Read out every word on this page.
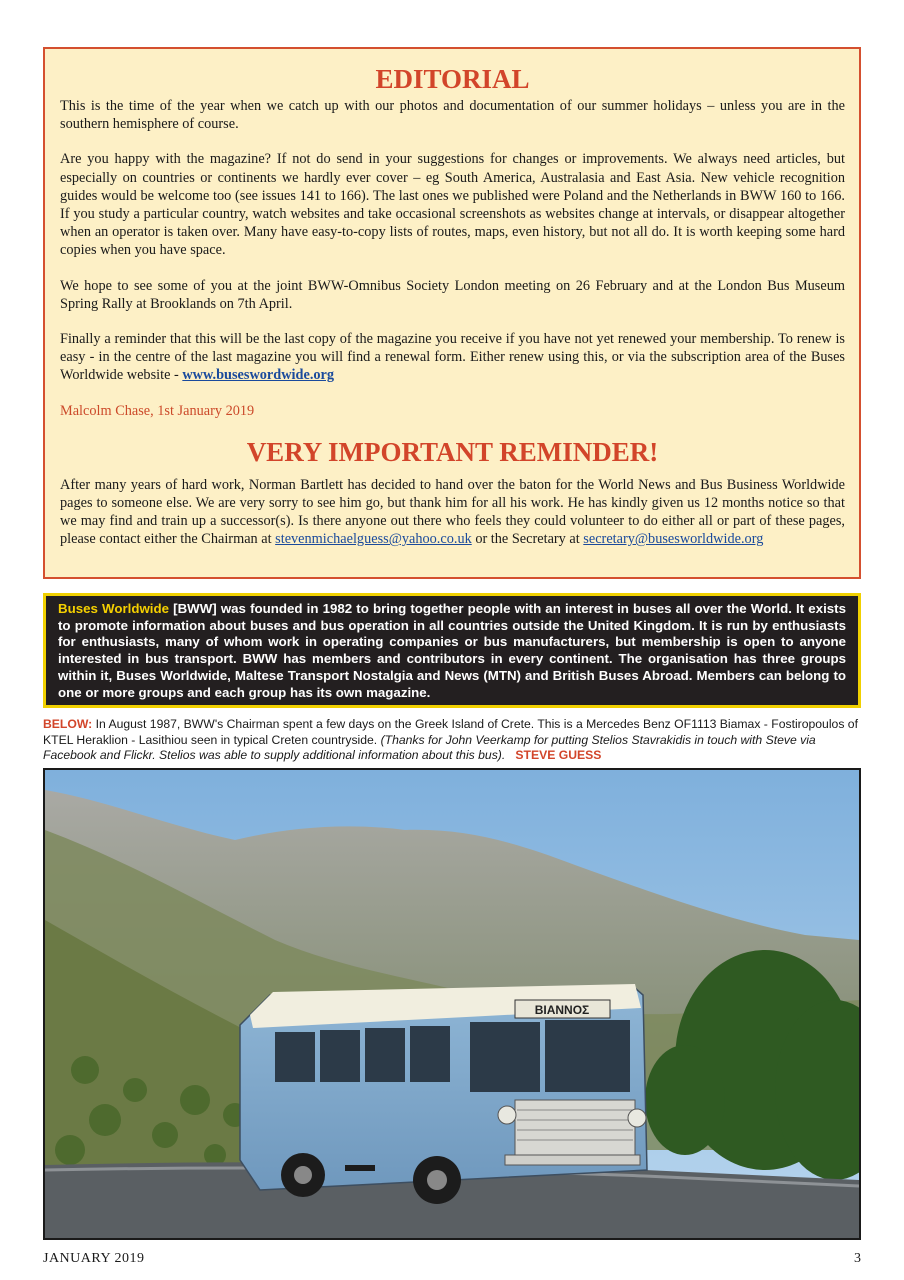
EDITORIAL

This is the time of the year when we catch up with our photos and documentation of our summer holidays – unless you are in the southern hemisphere of course.

Are you happy with the magazine? If not do send in your suggestions for changes or improvements. We always need articles, but especially on countries or continents we hardly ever cover – eg South America, Australasia and East Asia. New vehicle recognition guides would be welcome too (see issues 141 to 166). The last ones we published were Poland and the Netherlands in BWW 160 to 166. If you study a particular country, watch websites and take occasional screenshots as websites change at intervals, or disappear altogether when an operator is taken over. Many have easy-to-copy lists of routes, maps, even history, but not all do. It is worth keeping some hard copies when you have space.

We hope to see some of you at the joint BWW-Omnibus Society London meeting on 26 February and at the London Bus Museum Spring Rally at Brooklands on 7th April.

Finally a reminder that this will be the last copy of the magazine you receive if you have not yet renewed your membership. To renew is easy - in the centre of the last magazine you will find a renewal form. Either renew using this, or via the subscription area of the Buses Worldwide website - www.buseswordwide.org

Malcolm Chase, 1st January 2019

VERY IMPORTANT REMINDER!

After many years of hard work, Norman Bartlett has decided to hand over the baton for the World News and Bus Business Worldwide pages to someone else. We are very sorry to see him go, but thank him for all his work. He has kindly given us 12 months notice so that we may find and train up a successor(s). Is there anyone out there who feels they could volunteer to do either all or part of these pages, please contact either the Chairman at stevenmichaelguess@yahoo.co.uk or the Secretary at secretary@busesworldwide.org

Buses Worldwide [BWW] was founded in 1982 to bring together people with an interest in buses all over the World. It exists to promote information about buses and bus operation in all countries outside the United Kingdom. It is run by enthusiasts for enthusiasts, many of whom work in operating companies or bus manufacturers, but membership is open to anyone interested in bus transport. BWW has members and contributors in every continent. The organisation has three groups within it, Buses Worldwide, Maltese Transport Nostalgia and News (MTN) and British Buses Abroad. Members can belong to one or more groups and each group has its own magazine.
BELOW: In August 1987, BWW's Chairman spent a few days on the Greek Island of Crete. This is a Mercedes Benz OF1113 Biamax - Fostiropoulos of KTEL Heraklion - Lasithiou seen in typical Creten countryside. (Thanks for John Veerkamp for putting Stelios Stavrakidis in touch with Steve via Facebook and Flickr. Stelios was able to supply additional information about this bus). STEVE GUESS
ΒΙΑΝΝΟΣ
JANUARY 2019	3
